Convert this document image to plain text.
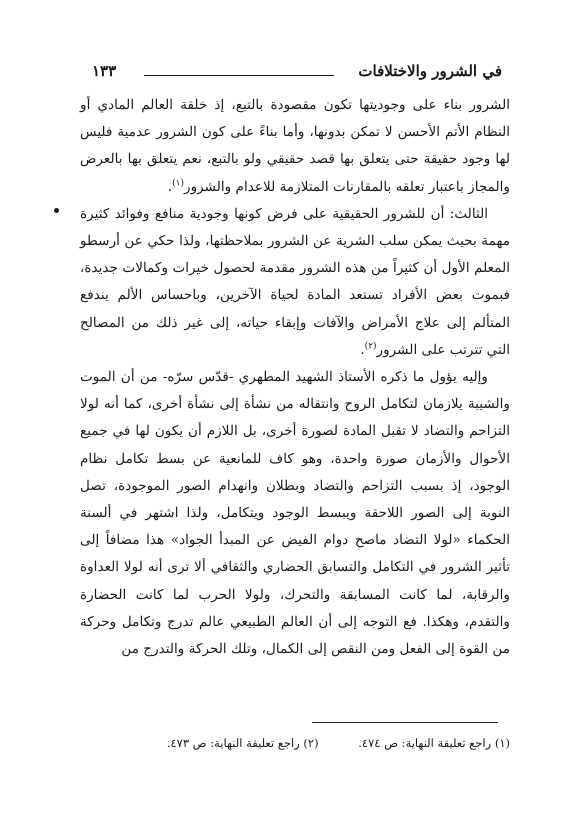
في الشرور والاختلافات
١٣٣

الشرور بناء على وجوديتها تكون مقصودة بالتبع، إذ خلقة العالم المادي أو النظام الأتم الأحسن لا تمكن بدونها، وأما بناءً على كون الشرور عدمية فليس لها وجود حقيقة حتى يتعلق بها قصد حقيقي ولو بالتبع، نعم يتعلق بها بالعرض والمجاز باعتبار تعلقه بالمقارنات المتلازمة للاعدام والشرور$^{(١)}$.

الثالث: أن للشرور الحقيقية على فرض كونها وجودية منافع وفوائد كثيرة مهمة بحيث يمكن سلب الشرية عن الشرور بملاحظتها، ولذا حكي عن أرسطو المعلم الأول أن كثيراً من هذه الشرور مقدمة لحصول خيرات وكمالات جديدة، فبموت بعض الأفراد تستعد المادة لحياة الآخرين، وباحساس الألم يندفع المتألم إلى علاج الأمراض والآفات وإبقاء حياته، إلى غير ذلك من المصالح التي تترتب على الشرور$^{(٢)}$.

وإليه يؤول ما ذكره الأستاذ الشهيد المطهري -قدّس سرّه- من أن الموت والشيبة يلازمان لتكامل الروح وانتقاله من نشأة إلى نشأة أخرى، كما أنه لولا التزاحم والتضاد لا تقبل المادة لصورة أخرى، بل اللازم أن يكون لها في جميع الأحوال والأزمان صورة واحدة، وهو كاف للمانعية عن بسط تكامل نظام الوجود، إذ بسبب التزاحم والتضاد وبطلان وانهدام الصور الموجودة، تصل النوبة إلى الصور اللاحقة ويبسط الوجود ويتكامل، ولذا اشتهر في ألسنة الحكماء «لولا التضاد ماصح دوام الفيض عن المبدأ الجواد» هذا مضافاً إلى تأثير الشرور في التكامل والتسابق الحضاري والثقافي ألا ترى أنه لولا العداوة والرقابة، لما كانت المسابقة والتحرك، ولولا الحرب لما كانت الحضارة والتقدم، وهكذا. فع التوجه إلى أن العالم الطبيعي عالم تدرج وتكامل وحركة من القوة إلى الفعل ومن النقص إلى الكمال، وتلك الحركة والتدرج من

(١) راجع تعليقة النهاية: ص ٤٧٤. (٢) راجع تعليقة النهاية: ص ٤٧٣.
